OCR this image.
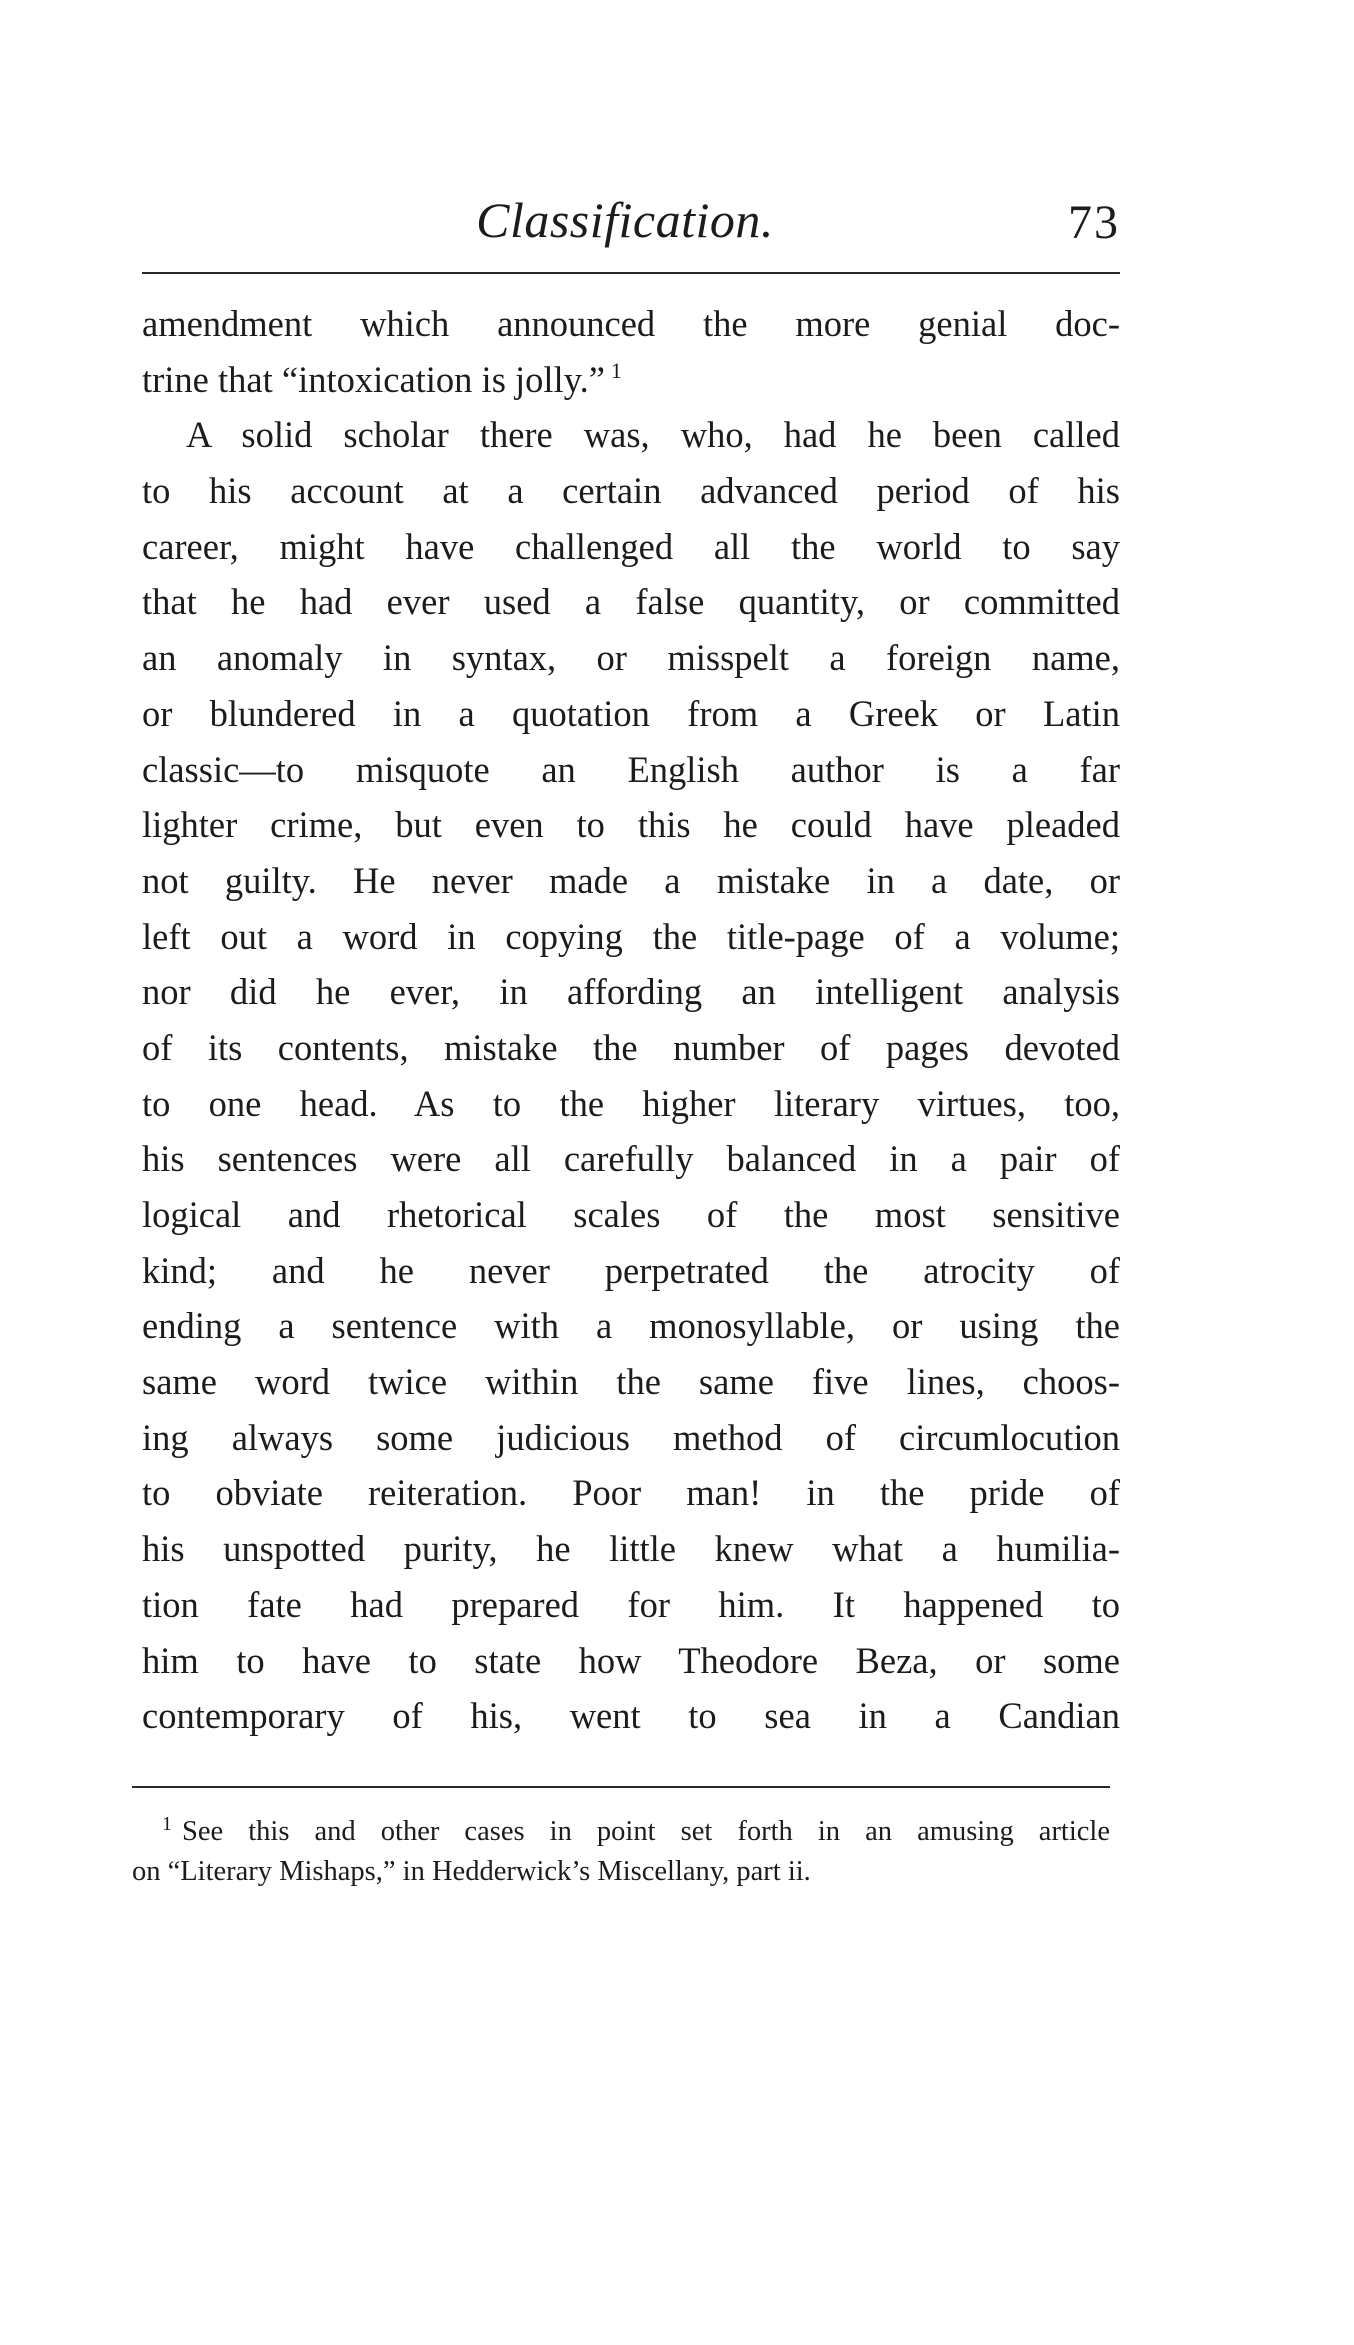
Classification.	73
amendment which announced the more genial doc-
trine that “intoxication is jolly.” $^1$
A solid scholar there was, who, had he been called
to his account at a certain advanced period of his
career, might have challenged all the world to say
that he had ever used a false quantity, or committed
an anomaly in syntax, or misspelt a foreign name,
or blundered in a quotation from a Greek or Latin
classic—to misquote an English author is a far
lighter crime, but even to this he could have pleaded
not guilty. He never made a mistake in a date, or
left out a word in copying the title-page of a volume;
nor did he ever, in affording an intelligent analysis
of its contents, mistake the number of pages devoted
to one head. As to the higher literary virtues, too,
his sentences were all carefully balanced in a pair of
logical and rhetorical scales of the most sensitive
kind; and he never perpetrated the atrocity of
ending a sentence with a monosyllable, or using the
same word twice within the same five lines, choos-
ing always some judicious method of circumlocution
to obviate reiteration. Poor man! in the pride of
his unspotted purity, he little knew what a humilia-
tion fate had prepared for him. It happened to
him to have to state how Theodore Beza, or some
contemporary of his, went to sea in a Candian
$^1$ See this and other cases in point set forth in an amusing article
on “Literary Mishaps,” in Hedderwick’s Miscellany, part ii.
